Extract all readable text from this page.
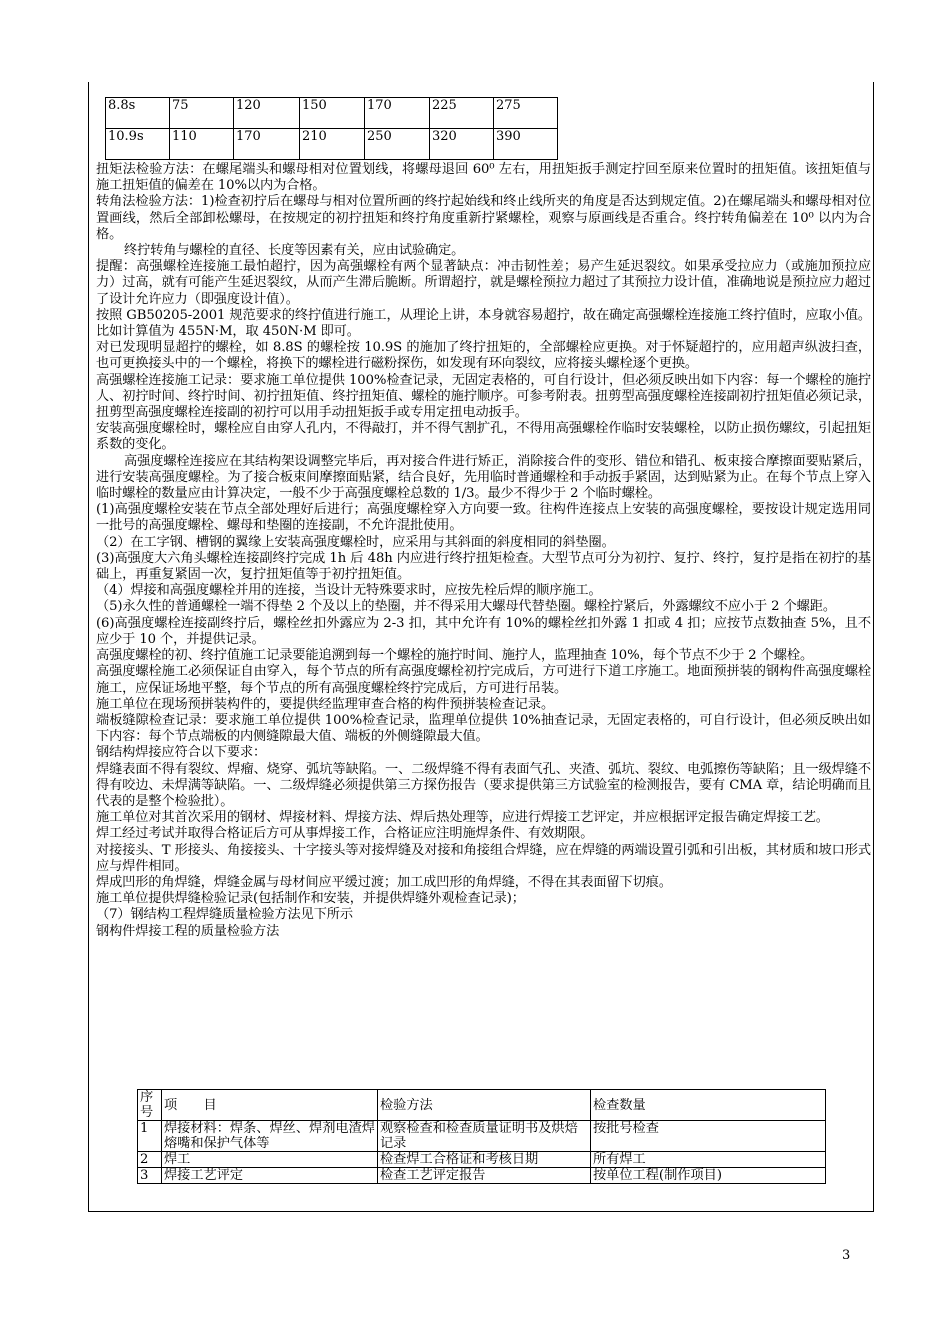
8.8s	75	120	150	170	225	275
10.9s	110	170	210	250	320	390

扭矩法检验方法：在螺尾端头和螺母相对位置划线，将螺母退回 60⁰ 左右，用扭矩扳手测定拧回至原来位置时的扭矩值。该扭矩值与施工扭矩值的偏差在 10%以内为合格。

转角法检验方法：1)检查初拧后在螺母与相对位置所画的终拧起始线和终止线所夹的角度是否达到规定值。2)在螺尾端头和螺母相对位置画线，然后全部卸松螺母，在按规定的初拧扭矩和终拧角度重新拧紧螺栓，观察与原画线是否重合。终拧转角偏差在 10⁰ 以内为合格。

终拧转角与螺栓的直径、长度等因素有关，应由试验确定。

提醒：高强螺栓连接施工最怕超拧，因为高强螺栓有两个显著缺点：冲击韧性差；易产生延迟裂纹。如果承受拉应力（或施加预拉应力）过高，就有可能产生延迟裂纹，从而产生滞后脆断。所谓超拧，就是螺栓预拉力超过了其预拉力设计值，准确地说是预拉应力超过了设计允许应力（即强度设计值）。

按照 GB50205-2001 规范要求的终拧值进行施工，从理论上讲，本身就容易超拧，故在确定高强螺栓连接施工终拧值时，应取小值。比如计算值为 455N·M，取 450N·M 即可。

对已发现明显超拧的螺栓，如 8.8S 的螺栓按 10.9S 的施加了终拧扭矩的，全部螺栓应更换。对于怀疑超拧的，应用超声纵波扫查，也可更换接头中的一个螺栓，将换下的螺栓进行磁粉探伤，如发现有环向裂纹，应将接头螺栓逐个更换。

高强螺栓连接施工记录：要求施工单位提供 100%检查记录，无固定表格的，可自行设计，但必须反映出如下内容：每一个螺栓的施拧人、初拧时间、终拧时间、初拧扭矩值、终拧扭矩值、螺栓的施拧顺序。可参考附表。扭剪型高强度螺栓连接副初拧扭矩值必须记录，扭剪型高强度螺栓连接副的初拧可以用手动扭矩扳手或专用定扭电动扳手。

安装高强度螺栓时，螺栓应自由穿人孔内，不得敲打，并不得气割扩孔，不得用高强螺栓作临时安装螺栓，以防止损伤螺纹，引起扭矩系数的变化。

高强度螺栓连接应在其结构架设调整完毕后，再对接合件进行矫正，消除接合件的变形、错位和错孔、板束接合摩擦面要贴紧后，进行安装高强度螺栓。为了接合板束间摩擦面贴紧，结合良好，先用临时普通螺栓和手动扳手紧固，达到贴紧为止。在每个节点上穿入临时螺栓的数量应由计算决定，一般不少于高强度螺栓总数的 1/3。最少不得少于 2 个临时螺栓。

(1)高强度螺栓安装在节点全部处理好后进行；高强度螺栓穿入方向要一致。往构件连接点上安装的高强度螺栓，要按设计规定选用同一批号的高强度螺栓、螺母和垫圈的连接副，不允许混批使用。

（2）在工字钢、槽钢的翼缘上安装高强度螺栓时，应采用与其斜面的斜度相同的斜垫圈。

(3)高强度大六角头螺栓连接副终拧完成 1h 后 48h 内应进行终拧扭矩检查。大型节点可分为初拧、复拧、终拧，复拧是指在初拧的基础上，再重复紧固一次，复拧扭矩值等于初拧扭矩值。

（4）焊接和高强度螺栓并用的连接，当设计无特殊要求时，应按先栓后焊的顺序施工。

（5)永久性的普通螺栓一端不得垫 2 个及以上的垫圈，并不得采用大螺母代替垫圈。螺栓拧紧后，外露螺纹不应小于 2 个螺距。

(6)高强度螺栓连接副终拧后，螺栓丝扣外露应为 2-3 扣，其中允许有 10%的螺栓丝扣外露 1 扣或 4 扣；应按节点数抽查 5%，且不应少于 10 个，并提供记录。

高强度螺栓的初、终拧值施工记录要能追溯到每一个螺栓的施拧时间、施拧人，监理抽查 10%，每个节点不少于 2 个螺栓。

高强度螺栓施工必须保证自由穿入，每个节点的所有高强度螺栓初拧完成后，方可进行下道工序施工。地面预拼装的钢构件高强度螺栓施工，应保证场地平整，每个节点的所有高强度螺栓终拧完成后，方可进行吊装。

施工单位在现场预拼装构件的，要提供经监理审查合格的构件预拼装检查记录。

端板缝隙检查记录：要求施工单位提供 100%检查记录，监理单位提供 10%抽查记录，无固定表格的，可自行设计，但必须反映出如下内容：每个节点端板的内侧缝隙最大值、端板的外侧缝隙最大值。

钢结构焊接应符合以下要求：

焊缝表面不得有裂纹、焊瘤、烧穿、弧坑等缺陷。一、二级焊缝不得有表面气孔、夹渣、弧坑、裂纹、电弧擦伤等缺陷；且一级焊缝不得有咬边、未焊满等缺陷。一、二级焊缝必须提供第三方探伤报告（要求提供第三方试验室的检测报告，要有 CMA 章，结论明确而且代表的是整个检验批）。

施工单位对其首次采用的钢材、焊接材料、焊接方法、焊后热处理等，应进行焊接工艺评定，并应根据评定报告确定焊接工艺。

焊工经过考试并取得合格证后方可从事焊接工作，合格证应注明施焊条件、有效期限。

对接接头、T 形接头、角接接头、十字接头等对接焊缝及对接和角接组合焊缝，应在焊缝的两端设置引弧和引出板，其材质和坡口形式应与焊件相同。

焊成凹形的角焊缝，焊缝金属与母材间应平缓过渡；加工成凹形的角焊缝，不得在其表面留下切痕。

施工单位提供焊缝检验记录(包括制作和安装，并提供焊缝外观检查记录)；

（7）钢结构工程焊缝质量检验方法见下所示

钢构件焊接工程的质量检验方法

序号	项　　目	检验方法	检查数量
1	焊接材料：焊条、焊丝、焊剂电渣焊熔嘴和保护气体等	观察检查和检查质量证明书及烘焙记录	按批号检查
2	焊工	检查焊工合格证和考核日期	所有焊工
3	焊接工艺评定	检查工艺评定报告	按单位工程(制作项目)
3
